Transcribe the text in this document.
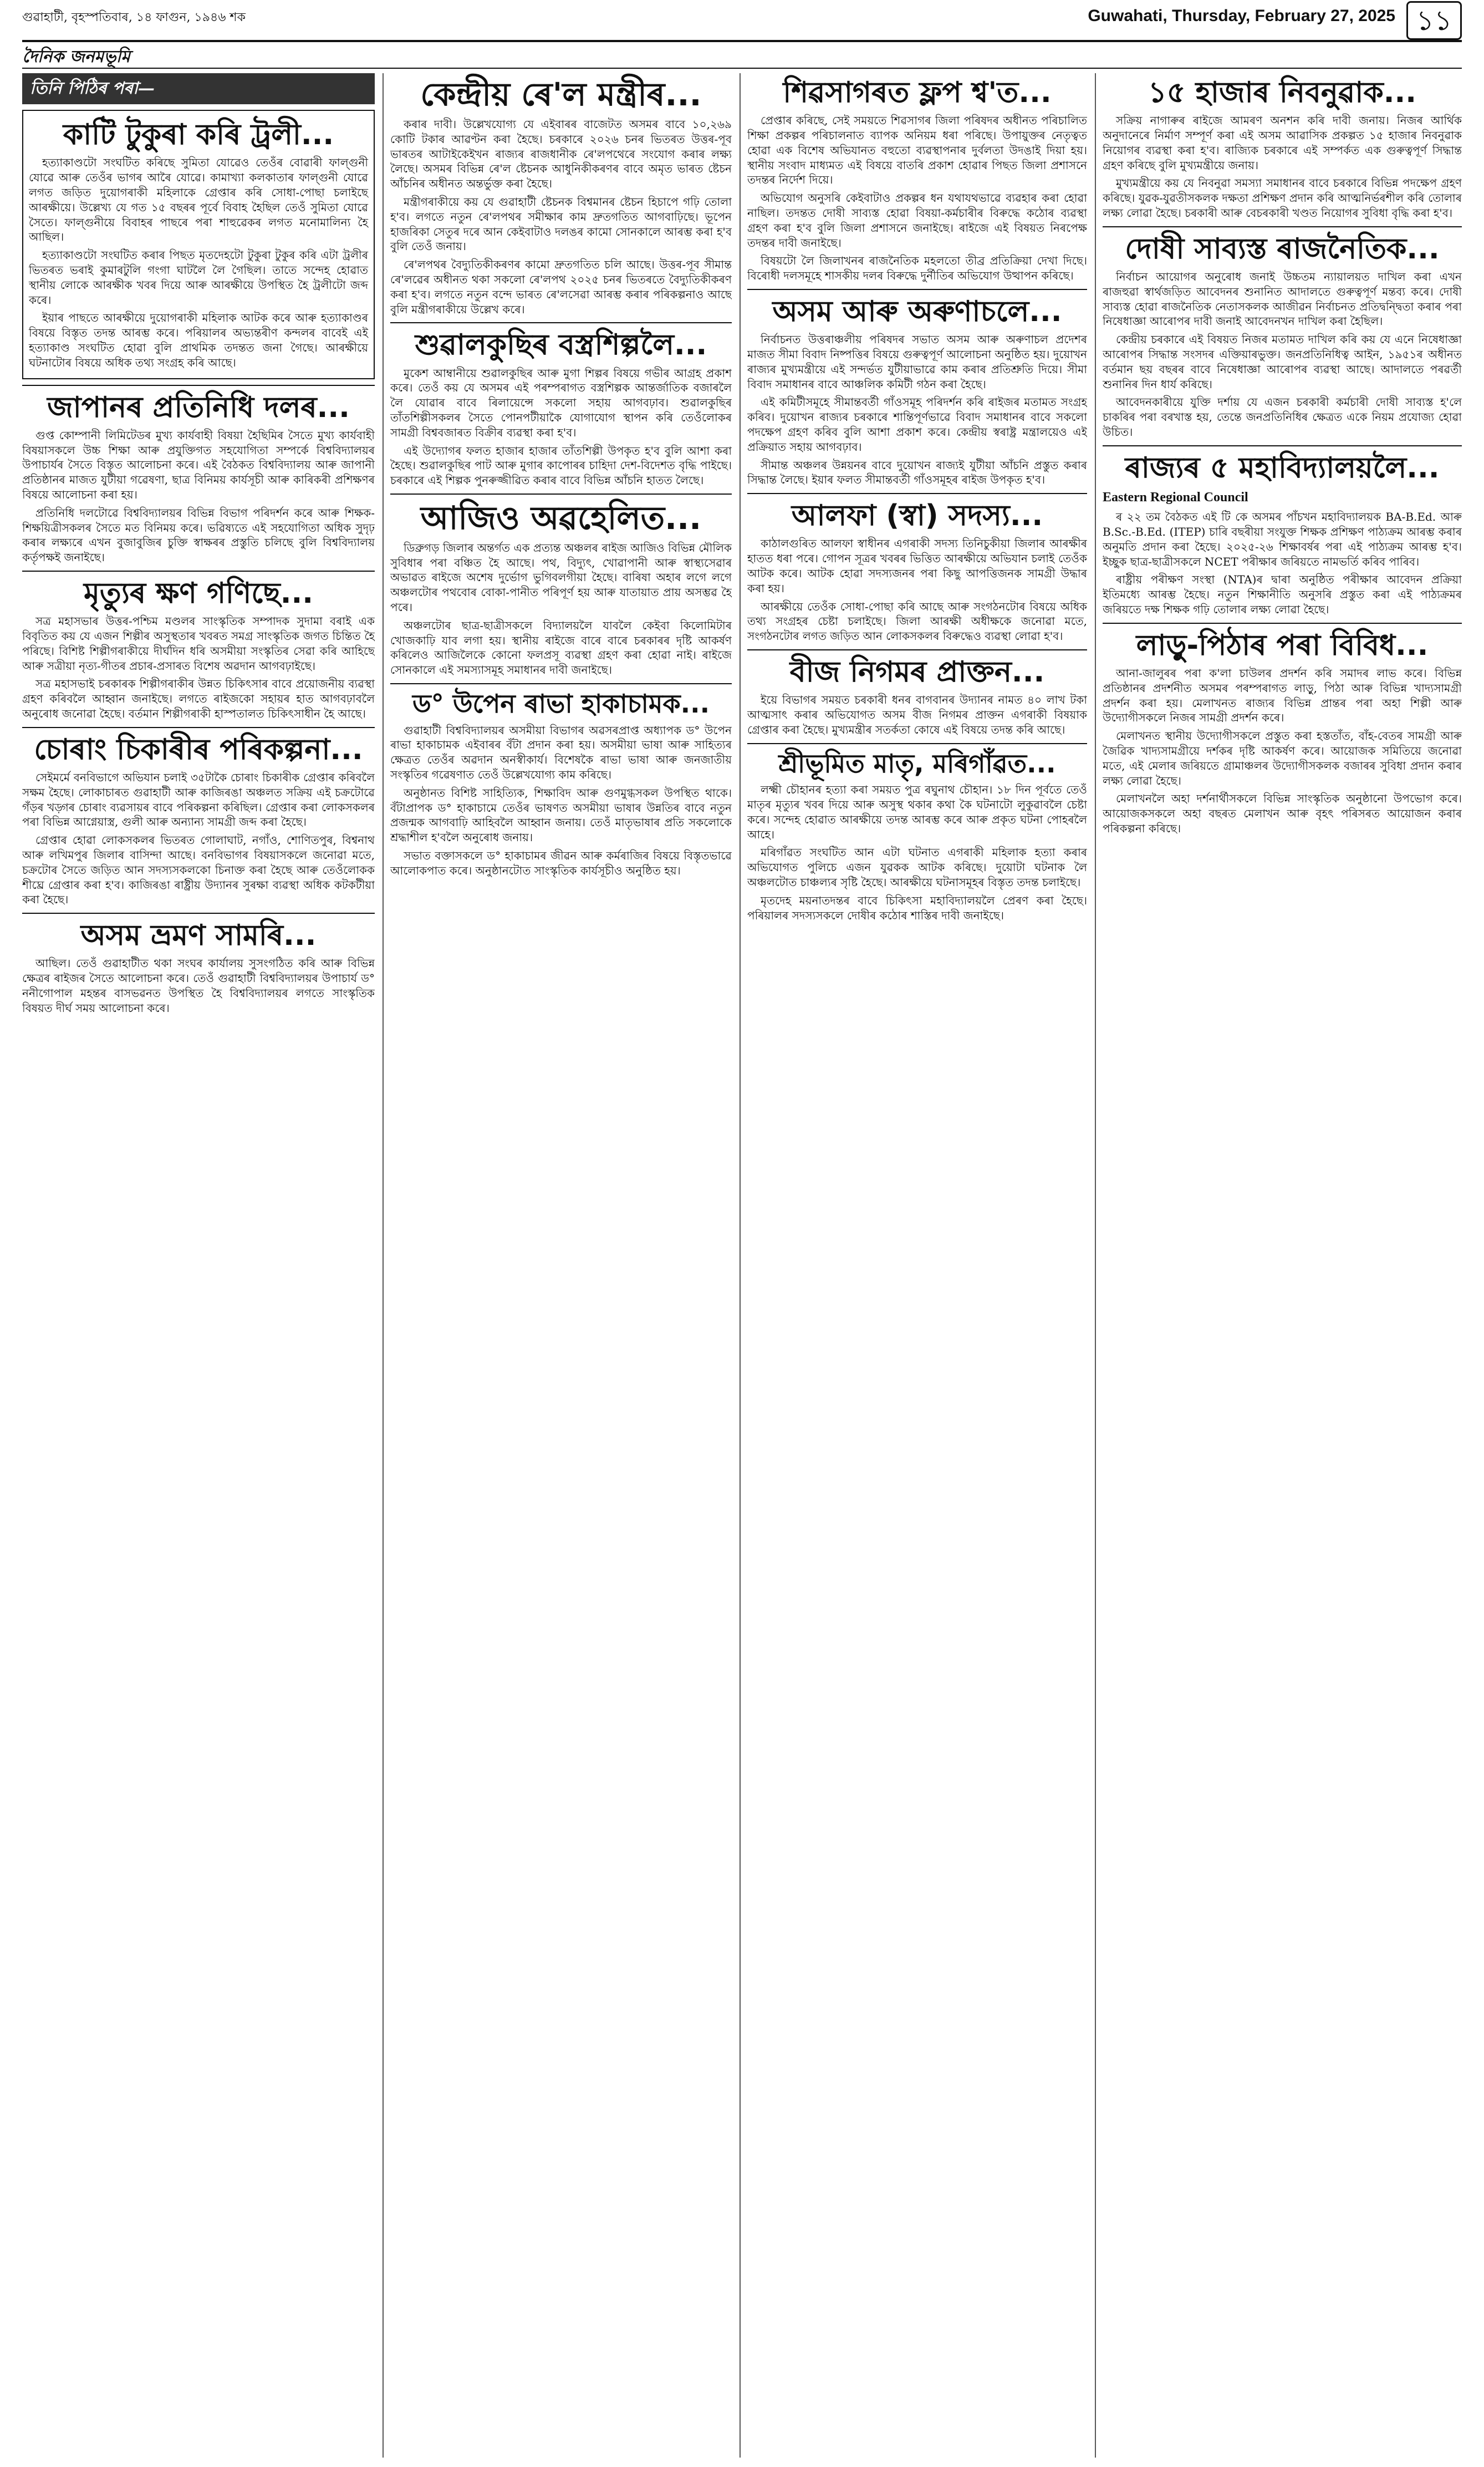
গুৱাহাটী, বৃহস্পতিবাৰ, ১৪ ফাগুন, ১৯৪৬ শক	Guwahati, Thursday, February 27, 2025 ১১
দৈনিক জনমভূমি
তিনি পিঠিৰ পৰা—
কাটি টুকুৰা কৰি ট্ৰলী...

হত্যাকাণ্ডটো সংঘটিত কৰিছে সুমিতা যোৱেও তেওঁৰ বোৱাৰী ফাল্গুনী যোৱে আৰু তেওঁৰ ভাগৰ আৰৈ যোৱে। কামাখ্যা কলকাতাৰ ফাল্গুনী যোৱে লগত জড়িত দুয়োগৰাকী মহিলাকে গ্ৰেপ্তাৰ কৰি সোধা-পোছা চলাইছে আৰক্ষীয়ে। উল্লেখ্য যে গত ১৫ বছৰৰ পূৰ্বে বিবাহ হৈছিল তেওঁ সুমিতা যোৱে সৈতে। ফাল্গুনীয়ে বিবাহৰ পাছৰে পৰা শাহুৱেকৰ লগত মনোমালিন্য হৈ আছিল।

হত্যাকাণ্ডটো সংঘটিত কৰাৰ পিছত মৃতদেহটো টুকুৰা টুকুৰ কৰি এটা ট্ৰলীৰ ভিতৰত ভৰাই কুমাৰটুলি গংগা ঘাটলৈ লৈ গৈছিল। তাতে সন্দেহ হোৱাত স্থানীয় লোকে আৰক্ষীক খবৰ দিয়ে আৰু আৰক্ষীয়ে উপস্থিত হৈ ট্ৰলীটো জব্দ কৰে।

ইয়াৰ পাছতে আৰক্ষীয়ে দুয়োগৰাকী মহিলাক আটক কৰে আৰু হত্যাকাণ্ডৰ বিষয়ে বিস্তৃত তদন্ত আৰম্ভ কৰে। পৰিয়ালৰ অভ্যন্তৰীণ কন্দলৰ বাবেই এই হত্যাকাণ্ড সংঘটিত হোৱা বুলি প্ৰাথমিক তদন্তত জনা গৈছে। আৰক্ষীয়ে ঘটনাটোৰ বিষয়ে অধিক তথ্য সংগ্ৰহ কৰি আছে।

জাপানৰ প্ৰতিনিধি দলৰ...

গুপ্ত কোম্পানী লিমিটেডৰ মুখ্য কাৰ্যবাহী বিষয়া হৈছিমিৰ সৈতে মুখ্য কাৰ্যবাহী বিষয়াসকলে উচ্চ শিক্ষা আৰু প্ৰযুক্তিগত সহযোগিতা সম্পৰ্কে বিশ্ববিদ্যালয়ৰ উপাচাৰ্যৰ সৈতে বিস্তৃত আলোচনা কৰে। এই বৈঠকত বিশ্ববিদ্যালয় আৰু জাপানী প্ৰতিষ্ঠানৰ মাজত যুটীয়া গৱেষণা, ছাত্ৰ বিনিময় কাৰ্যসূচী আৰু কাৰিকৰী প্ৰশিক্ষণৰ বিষয়ে আলোচনা কৰা হয়।

প্ৰতিনিধি দলটোৱে বিশ্ববিদ্যালয়ৰ বিভিন্ন বিভাগ পৰিদৰ্শন কৰে আৰু শিক্ষক-শিক্ষয়িত্ৰীসকলৰ সৈতে মত বিনিময় কৰে। ভৱিষ্যতে এই সহযোগিতা অধিক সুদৃঢ় কৰাৰ লক্ষ্যৰে এখন বুজাবুজিৰ চুক্তি স্বাক্ষৰৰ প্ৰস্তুতি চলিছে বুলি বিশ্ববিদ্যালয় কৰ্তৃপক্ষই জনাইছে।

মৃত্যুৰ ক্ষণ গণিছে...

সত্ৰ মহাসভাৰ উত্তৰ-পশ্চিম মণ্ডলৰ সাংস্কৃতিক সম্পাদক সুদামা বৰাই এক বিবৃতিত কয় যে এজন শিল্পীৰ অসুস্থতাৰ খবৰত সমগ্ৰ সাংস্কৃতিক জগত চিন্তিত হৈ পৰিছে। বিশিষ্ট শিল্পীগৰাকীয়ে দীৰ্ঘদিন ধৰি অসমীয়া সংস্কৃতিৰ সেৱা কৰি আহিছে আৰু সত্ৰীয়া নৃত্য-গীতৰ প্ৰচাৰ-প্ৰসাৰত বিশেষ অৱদান আগবঢ়াইছে।

সত্ৰ মহাসভাই চৰকাৰক শিল্পীগৰাকীৰ উন্নত চিকিৎসাৰ বাবে প্ৰয়োজনীয় ব্যৱস্থা গ্ৰহণ কৰিবলৈ আহ্বান জনাইছে। লগতে ৰাইজকো সহায়ৰ হাত আগবঢ়াবলৈ অনুৰোধ জনোৱা হৈছে। বৰ্তমান শিল্পীগৰাকী হাস্পতালত চিকিৎসাধীন হৈ আছে।

চোৰাং চিকাৰীৰ পৰিকল্পনা...

সেইমৰ্মে বনবিভাগে অভিযান চলাই ৩৫টাকৈ চোৰাং চিকাৰীক গ্ৰেপ্তাৰ কৰিবলৈ সক্ষম হৈছে। লোকাচাৰত গুৱাহাটী আৰু কাজিৰঙা অঞ্চলত সক্ৰিয় এই চক্ৰটোৱে গঁড়ৰ খড়্গৰ চোৰাং ব্যৱসায়ৰ বাবে পৰিকল্পনা কৰিছিল। গ্ৰেপ্তাৰ কৰা লোকসকলৰ পৰা বিভিন্ন আগ্নেয়াস্ত্ৰ, গুলী আৰু অন্যান্য সামগ্ৰী জব্দ কৰা হৈছে।

গ্ৰেপ্তাৰ হোৱা লোকসকলৰ ভিতৰত গোলাঘাট, নগাঁও, শোণিতপুৰ, বিশ্বনাথ আৰু লখিমপুৰ জিলাৰ বাসিন্দা আছে। বনবিভাগৰ বিষয়াসকলে জনোৱা মতে, চক্ৰটোৰ সৈতে জড়িত আন সদস্যসকলকো চিনাক্ত কৰা হৈছে আৰু তেওঁলোকক শীঘ্ৰে গ্ৰেপ্তাৰ কৰা হ'ব। কাজিৰঙা ৰাষ্ট্ৰীয় উদ্যানৰ সুৰক্ষা ব্যৱস্থা অধিক কটকটীয়া কৰা হৈছে।

অসম ভ্ৰমণ সামৰি...

আছিল। তেওঁ গুৱাহাটীত থকা সংঘৰ কাৰ্যালয় সুসংগঠিত কৰি আৰু বিভিন্ন ক্ষেত্ৰৰ ৰাইজৰ সৈতে আলোচনা কৰে। তেওঁ গুৱাহাটী বিশ্ববিদ্যালয়ৰ উপাচাৰ্য ড° ননীগোপাল মহন্তৰ বাসভৱনত উপস্থিত হৈ বিশ্ববিদ্যালয়ৰ লগতে সাংস্কৃতিক বিষয়ত দীৰ্ঘ সময় আলোচনা কৰে।

কেন্দ্ৰীয় ৰে'ল মন্ত্ৰীৰ...

কৰাৰ দাবী। উল্লেখযোগ্য যে এইবাৰৰ বাজেটত অসমৰ বাবে ১০,২৬৯ কোটি টকাৰ আৱণ্টন কৰা হৈছে। চৰকাৰে ২০২৬ চনৰ ভিতৰত উত্তৰ-পূব ভাৰতৰ আটাইকেইখন ৰাজ্যৰ ৰাজধানীক ৰে'লপথেৰে সংযোগ কৰাৰ লক্ষ্য লৈছে। অসমৰ বিভিন্ন ৰে'ল ষ্টেচনক আধুনিকীকৰণৰ বাবে অমৃত ভাৰত ষ্টেচন আঁচনিৰ অধীনত অন্তৰ্ভুক্ত কৰা হৈছে।

মন্ত্ৰীগৰাকীয়ে কয় যে গুৱাহাটী ষ্টেচনক বিশ্বমানৰ ষ্টেচন হিচাপে গঢ়ি তোলা হ'ব। লগতে নতুন ৰে'লপথৰ সমীক্ষাৰ কাম দ্ৰুতগতিত আগবাঢ়িছে। ভূপেন হাজৰিকা সেতুৰ দৰে আন কেইবাটাও দলঙৰ কামো সোনকালে আৰম্ভ কৰা হ'ব বুলি তেওঁ জনায়।

ৰে'লপথৰ বৈদ্যুতিকীকৰণৰ কামো দ্ৰুতগতিত চলি আছে। উত্তৰ-পূব সীমান্ত ৰে'লৱেৰ অধীনত থকা সকলো ৰে'লপথ ২০২৫ চনৰ ভিতৰতে বৈদ্যুতিকীকৰণ কৰা হ'ব। লগতে নতুন বন্দে ভাৰত ৰে'লসেৱা আৰম্ভ কৰাৰ পৰিকল্পনাও আছে বুলি মন্ত্ৰীগৰাকীয়ে উল্লেখ কৰে।

শুৱালকুছিৰ বস্ত্ৰশিল্পলৈ...

মুকেশ আম্বানীয়ে শুৱালকুছিৰ আৰু মুগা শিল্পৰ বিষয়ে গভীৰ আগ্ৰহ প্ৰকাশ কৰে। তেওঁ কয় যে অসমৰ এই পৰম্পৰাগত বস্ত্ৰশিল্পক আন্তৰ্জাতিক বজাৰলৈ লৈ যোৱাৰ বাবে ৰিলায়েন্সে সকলো সহায় আগবঢ়াব। শুৱালকুছিৰ তাঁতশিল্পীসকলৰ সৈতে পোনপটীয়াকৈ যোগাযোগ স্থাপন কৰি তেওঁলোকৰ সামগ্ৰী বিশ্ববজাৰত বিক্ৰীৰ ব্যৱস্থা কৰা হ'ব।

এই উদ্যোগৰ ফলত হাজাৰ হাজাৰ তাঁতশিল্পী উপকৃত হ'ব বুলি আশা কৰা হৈছে। শুৱালকুছিৰ পাট আৰু মুগাৰ কাপোৰৰ চাহিদা দেশ-বিদেশত বৃদ্ধি পাইছে। চৰকাৰে এই শিল্পক পুনৰুজ্জীৱিত কৰাৰ বাবে বিভিন্ন আঁচনি হাতত লৈছে।

আজিও অৱহেলিত...

ডিব্ৰুগড় জিলাৰ অন্তৰ্গত এক প্ৰত্যন্ত অঞ্চলৰ ৰাইজ আজিও বিভিন্ন মৌলিক সুবিধাৰ পৰা বঞ্চিত হৈ আছে। পথ, বিদ্যুৎ, খোৱাপানী আৰু স্বাস্থ্যসেৱাৰ অভাৱত ৰাইজে অশেষ দুৰ্ভোগ ভুগিবলগীয়া হৈছে। বাৰিষা অহাৰ লগে লগে অঞ্চলটোৰ পথবোৰ বোকা-পানীত পৰিপূৰ্ণ হয় আৰু যাতায়াত প্ৰায় অসম্ভৱ হৈ পৰে।

অঞ্চলটোৰ ছাত্ৰ-ছাত্ৰীসকলে বিদ্যালয়লৈ যাবলৈ কেইবা কিলোমিটাৰ খোজকাঢ়ি যাব লগা হয়। স্থানীয় ৰাইজে বাৰে বাৰে চৰকাৰৰ দৃষ্টি আকৰ্ষণ কৰিলেও আজিলৈকে কোনো ফলপ্ৰসূ ব্যৱস্থা গ্ৰহণ কৰা হোৱা নাই। ৰাইজে সোনকালে এই সমস্যাসমূহ সমাধানৰ দাবী জনাইছে।

ড° উপেন ৰাভা হাকাচামক...

গুৱাহাটী বিশ্ববিদ্যালয়ৰ অসমীয়া বিভাগৰ অৱসৰপ্ৰাপ্ত অধ্যাপক ড° উপেন ৰাভা হাকাচামক এইবাৰৰ বঁটা প্ৰদান কৰা হয়। অসমীয়া ভাষা আৰু সাহিত্যৰ ক্ষেত্ৰত তেওঁৰ অৱদান অনস্বীকাৰ্য। বিশেষকৈ ৰাভা ভাষা আৰু জনজাতীয় সংস্কৃতিৰ গৱেষণাত তেওঁ উল্লেখযোগ্য কাম কৰিছে।

অনুষ্ঠানত বিশিষ্ট সাহিত্যিক, শিক্ষাবিদ আৰু গুণমুগ্ধসকল উপস্থিত থাকে। বঁটাপ্ৰাপক ড° হাকাচামে তেওঁৰ ভাষণত অসমীয়া ভাষাৰ উন্নতিৰ বাবে নতুন প্ৰজন্মক আগবাঢ়ি আহিবলৈ আহ্বান জনায়। তেওঁ মাতৃভাষাৰ প্ৰতি সকলোকে শ্ৰদ্ধাশীল হ'বলৈ অনুৰোধ জনায়।

সভাত বক্তাসকলে ড° হাকাচামৰ জীৱন আৰু কৰ্মৰাজিৰ বিষয়ে বিস্তৃতভাৱে আলোকপাত কৰে। অনুষ্ঠানটোত সাংস্কৃতিক কাৰ্যসূচীও অনুষ্ঠিত হয়।

শিৱসাগৰত ফ্লপ শ্ব'ত...

প্ৰেপ্তাৰ কৰিছে, সেই সময়তে শিৱসাগৰ জিলা পৰিষদৰ অধীনত পৰিচালিত শিক্ষা প্ৰকল্পৰ পৰিচালনাত ব্যাপক অনিয়ম ধৰা পৰিছে। উপায়ুক্তৰ নেতৃত্বত হোৱা এক বিশেষ অভিযানত বহুতো ব্যৱস্থাপনাৰ দুৰ্বলতা উদঙাই দিয়া হয়। স্থানীয় সংবাদ মাধ্যমত এই বিষয়ে বাতৰি প্ৰকাশ হোৱাৰ পিছত জিলা প্ৰশাসনে তদন্তৰ নিৰ্দেশ দিয়ে।

অভিযোগ অনুসৰি কেইবাটাও প্ৰকল্পৰ ধন যথাযথভাৱে ব্যৱহাৰ কৰা হোৱা নাছিল। তদন্তত দোষী সাব্যস্ত হোৱা বিষয়া-কৰ্মচাৰীৰ বিৰুদ্ধে কঠোৰ ব্যৱস্থা গ্ৰহণ কৰা হ'ব বুলি জিলা প্ৰশাসনে জনাইছে। ৰাইজে এই বিষয়ত নিৰপেক্ষ তদন্তৰ দাবী জনাইছে।

বিষয়টো লৈ জিলাখনৰ ৰাজনৈতিক মহলতো তীব্ৰ প্ৰতিক্ৰিয়া দেখা দিছে। বিৰোধী দলসমূহে শাসকীয় দলৰ বিৰুদ্ধে দুৰ্নীতিৰ অভিযোগ উত্থাপন কৰিছে।

অসম আৰু অৰুণাচলে...

নিৰ্বাচনত উত্তৰাঞ্চলীয় পৰিষদৰ সভাত অসম আৰু অৰুণাচল প্ৰদেশৰ মাজত সীমা বিবাদ নিষ্পত্তিৰ বিষয়ে গুৰুত্বপূৰ্ণ আলোচনা অনুষ্ঠিত হয়। দুয়োখন ৰাজ্যৰ মুখ্যমন্ত্ৰীয়ে এই সন্দৰ্ভত যুটীয়াভাৱে কাম কৰাৰ প্ৰতিশ্ৰুতি দিয়ে। সীমা বিবাদ সমাধানৰ বাবে আঞ্চলিক কমিটী গঠন কৰা হৈছে।

এই কমিটীসমূহে সীমান্তবৰ্তী গাঁওসমূহ পৰিদৰ্শন কৰি ৰাইজৰ মতামত সংগ্ৰহ কৰিব। দুয়োখন ৰাজ্যৰ চৰকাৰে শান্তিপূৰ্ণভাৱে বিবাদ সমাধানৰ বাবে সকলো পদক্ষেপ গ্ৰহণ কৰিব বুলি আশা প্ৰকাশ কৰে। কেন্দ্ৰীয় স্বৰাষ্ট্ৰ মন্ত্ৰালয়েও এই প্ৰক্ৰিয়াত সহায় আগবঢ়াব।

সীমান্ত অঞ্চলৰ উন্নয়নৰ বাবে দুয়োখন ৰাজ্যই যুটীয়া আঁচনি প্ৰস্তুত কৰাৰ সিদ্ধান্ত লৈছে। ইয়াৰ ফলত সীমান্তবৰ্তী গাঁওসমূহৰ ৰাইজ উপকৃত হ'ব।

আলফা (স্বা) সদস্য...

কাঠালগুৰিত আলফা স্বাধীনৰ এগৰাকী সদস্য তিনিচুকীয়া জিলাৰ আৰক্ষীৰ হাতত ধৰা পৰে। গোপন সূত্ৰৰ খবৰৰ ভিত্তিত আৰক্ষীয়ে অভিযান চলাই তেওঁক আটক কৰে। আটক হোৱা সদস্যজনৰ পৰা কিছু আপত্তিজনক সামগ্ৰী উদ্ধাৰ কৰা হয়।

আৰক্ষীয়ে তেওঁক সোধা-পোছা কৰি আছে আৰু সংগঠনটোৰ বিষয়ে অধিক তথ্য সংগ্ৰহৰ চেষ্টা চলাইছে। জিলা আৰক্ষী অধীক্ষকে জনোৱা মতে, সংগঠনটোৰ লগত জড়িত আন লোকসকলৰ বিৰুদ্ধেও ব্যৱস্থা লোৱা হ'ব।

বীজ নিগমৰ প্ৰাক্তন...

ইয়ে বিভাগৰ সময়ত চৰকাৰী ধনৰ বাগবানৰ উদ্যানৰ নামত ৪০ লাখ টকা আত্মসাৎ কৰাৰ অভিযোগত অসম বীজ নিগমৰ প্ৰাক্তন এগৰাকী বিষয়াক গ্ৰেপ্তাৰ কৰা হৈছে। মুখ্যমন্ত্ৰীৰ সতৰ্কতা কোষে এই বিষয়ে তদন্ত কৰি আছে।

শ্ৰীভূমিত মাতৃ, মৰিগাঁৱত...

লক্ষ্মী চৌহানৰ হত্যা কৰা সময়ত পুত্ৰ ৰঘুনাথ চৌহান। ১৮ দিন পূৰ্বতে তেওঁ মাতৃৰ মৃত্যুৰ খবৰ দিয়ে আৰু অসুস্থ থকাৰ কথা কৈ ঘটনাটো লুকুৱাবলৈ চেষ্টা কৰে। সন্দেহ হোৱাত আৰক্ষীয়ে তদন্ত আৰম্ভ কৰে আৰু প্ৰকৃত ঘটনা পোহৰলৈ আহে।

মৰিগাঁৱত সংঘটিত আন এটা ঘটনাত এগৰাকী মহিলাক হত্যা কৰাৰ অভিযোগত পুলিচে এজন যুৱকক আটক কৰিছে। দুয়োটা ঘটনাক লৈ অঞ্চলটোত চাঞ্চল্যৰ সৃষ্টি হৈছে। আৰক্ষীয়ে ঘটনাসমূহৰ বিস্তৃত তদন্ত চলাইছে।

মৃতদেহ ময়নাতদন্তৰ বাবে চিকিৎসা মহাবিদ্যালয়লৈ প্ৰেৰণ কৰা হৈছে। পৰিয়ালৰ সদস্যসকলে দোষীৰ কঠোৰ শাস্তিৰ দাবী জনাইছে।

১৫ হাজাৰ নিবনুৱাক...

সক্ৰিয় নাগাৰুৰ ৰাইজে আমৰণ অনশন কৰি দাবী জনায়। নিজৰ আৰ্থিক অনুদানেৰে নিৰ্মাণ সম্পূৰ্ণ কৰা এই অসম আৱাসিক প্ৰকল্পত ১৫ হাজাৰ নিবনুৱাক নিয়োগৰ ব্যৱস্থা কৰা হ'ব। ৰাজ্যিক চৰকাৰে এই সম্পৰ্কত এক গুৰুত্বপূৰ্ণ সিদ্ধান্ত গ্ৰহণ কৰিছে বুলি মুখ্যমন্ত্ৰীয়ে জনায়।

মুখ্যমন্ত্ৰীয়ে কয় যে নিবনুৱা সমস্যা সমাধানৰ বাবে চৰকাৰে বিভিন্ন পদক্ষেপ গ্ৰহণ কৰিছে। যুৱক-যুৱতীসকলক দক্ষতা প্ৰশিক্ষণ প্ৰদান কৰি আত্মনিৰ্ভৰশীল কৰি তোলাৰ লক্ষ্য লোৱা হৈছে। চৰকাৰী আৰু বেচৰকাৰী খণ্ডত নিয়োগৰ সুবিধা বৃদ্ধি কৰা হ'ব।

দোষী সাব্যস্ত ৰাজনৈতিক...

নিৰ্বাচন আয়োগৰ অনুৰোধ জনাই উচ্চতম ন্যায়ালয়ত দাখিল কৰা এখন ৰাজহুৱা স্বাৰ্থজড়িত আবেদনৰ শুনানিত আদালতে গুৰুত্বপূৰ্ণ মন্তব্য কৰে। দোষী সাব্যস্ত হোৱা ৰাজনৈতিক নেতাসকলক আজীৱন নিৰ্বাচনত প্ৰতিদ্বন্দ্বিতা কৰাৰ পৰা নিষেধাজ্ঞা আৰোপৰ দাবী জনাই আবেদনখন দাখিল কৰা হৈছিল।

কেন্দ্ৰীয় চৰকাৰে এই বিষয়ত নিজৰ মতামত দাখিল কৰি কয় যে এনে নিষেধাজ্ঞা আৰোপৰ সিদ্ধান্ত সংসদৰ এক্তিয়াৰভুক্ত। জনপ্ৰতিনিধিত্ব আইন, ১৯৫১ৰ অধীনত বৰ্তমান ছয় বছৰৰ বাবে নিষেধাজ্ঞা আৰোপৰ ব্যৱস্থা আছে। আদালতে পৰৱৰ্তী শুনানিৰ দিন ধাৰ্য কৰিছে।

আবেদনকাৰীয়ে যুক্তি দৰ্শায় যে এজন চৰকাৰী কৰ্মচাৰী দোষী সাব্যস্ত হ'লে চাকৰিৰ পৰা বৰখাস্ত হয়, তেন্তে জনপ্ৰতিনিধিৰ ক্ষেত্ৰত একে নিয়ম প্ৰযোজ্য হোৱা উচিত।

ৰাজ্যৰ ৫ মহাবিদ্যালয়লৈ...

Eastern Regional Council

ৰ ২২ তম বৈঠকত এই টি কে অসমৰ পাঁচখন মহাবিদ্যালয়ক BA-B.Ed. আৰু B.Sc.-B.Ed. (ITEP) চাৰি বছৰীয়া সংযুক্ত শিক্ষক প্ৰশিক্ষণ পাঠ্যক্ৰম আৰম্ভ কৰাৰ অনুমতি প্ৰদান কৰা হৈছে। ২০২৫-২৬ শিক্ষাবৰ্ষৰ পৰা এই পাঠ্যক্ৰম আৰম্ভ হ'ব। ইচ্ছুক ছাত্ৰ-ছাত্ৰীসকলে NCET পৰীক্ষাৰ জৰিয়তে নামভৰ্তি কৰিব পাৰিব।

ৰাষ্ট্ৰীয় পৰীক্ষণ সংস্থা (NTA)ৰ দ্বাৰা অনুষ্ঠিত পৰীক্ষাৰ আবেদন প্ৰক্ৰিয়া ইতিমধ্যে আৰম্ভ হৈছে। নতুন শিক্ষানীতি অনুসৰি প্ৰস্তুত কৰা এই পাঠ্যক্ৰমৰ জৰিয়তে দক্ষ শিক্ষক গঢ়ি তোলাৰ লক্ষ্য লোৱা হৈছে।

লাড়ু-পিঠাৰ পৰা বিবিধ...

আনা-জালুৰৰ পৰা ক'লা চাউলৰ প্ৰদৰ্শন কৰি সমাদৰ লাভ কৰে। বিভিন্ন প্ৰতিষ্ঠানৰ প্ৰদৰ্শনীত অসমৰ পৰম্পৰাগত লাড়ু, পিঠা আৰু বিভিন্ন খাদ্যসামগ্ৰী প্ৰদৰ্শন কৰা হয়। মেলাখনত ৰাজ্যৰ বিভিন্ন প্ৰান্তৰ পৰা অহা শিল্পী আৰু উদ্যোগীসকলে নিজৰ সামগ্ৰী প্ৰদৰ্শন কৰে।

মেলাখনত স্থানীয় উদ্যোগীসকলে প্ৰস্তুত কৰা হস্ততাঁত, বাঁহ-বেতৰ সামগ্ৰী আৰু জৈৱিক খাদ্যসামগ্ৰীয়ে দৰ্শকৰ দৃষ্টি আকৰ্ষণ কৰে। আয়োজক সমিতিয়ে জনোৱা মতে, এই মেলাৰ জৰিয়তে গ্ৰামাঞ্চলৰ উদ্যোগীসকলক বজাৰৰ সুবিধা প্ৰদান কৰাৰ লক্ষ্য লোৱা হৈছে।

মেলাখনলৈ অহা দৰ্শনাৰ্থীসকলে বিভিন্ন সাংস্কৃতিক অনুষ্ঠানো উপভোগ কৰে। আয়োজকসকলে অহা বছৰত মেলাখন আৰু বৃহৎ পৰিসৰত আয়োজন কৰাৰ পৰিকল্পনা কৰিছে।
